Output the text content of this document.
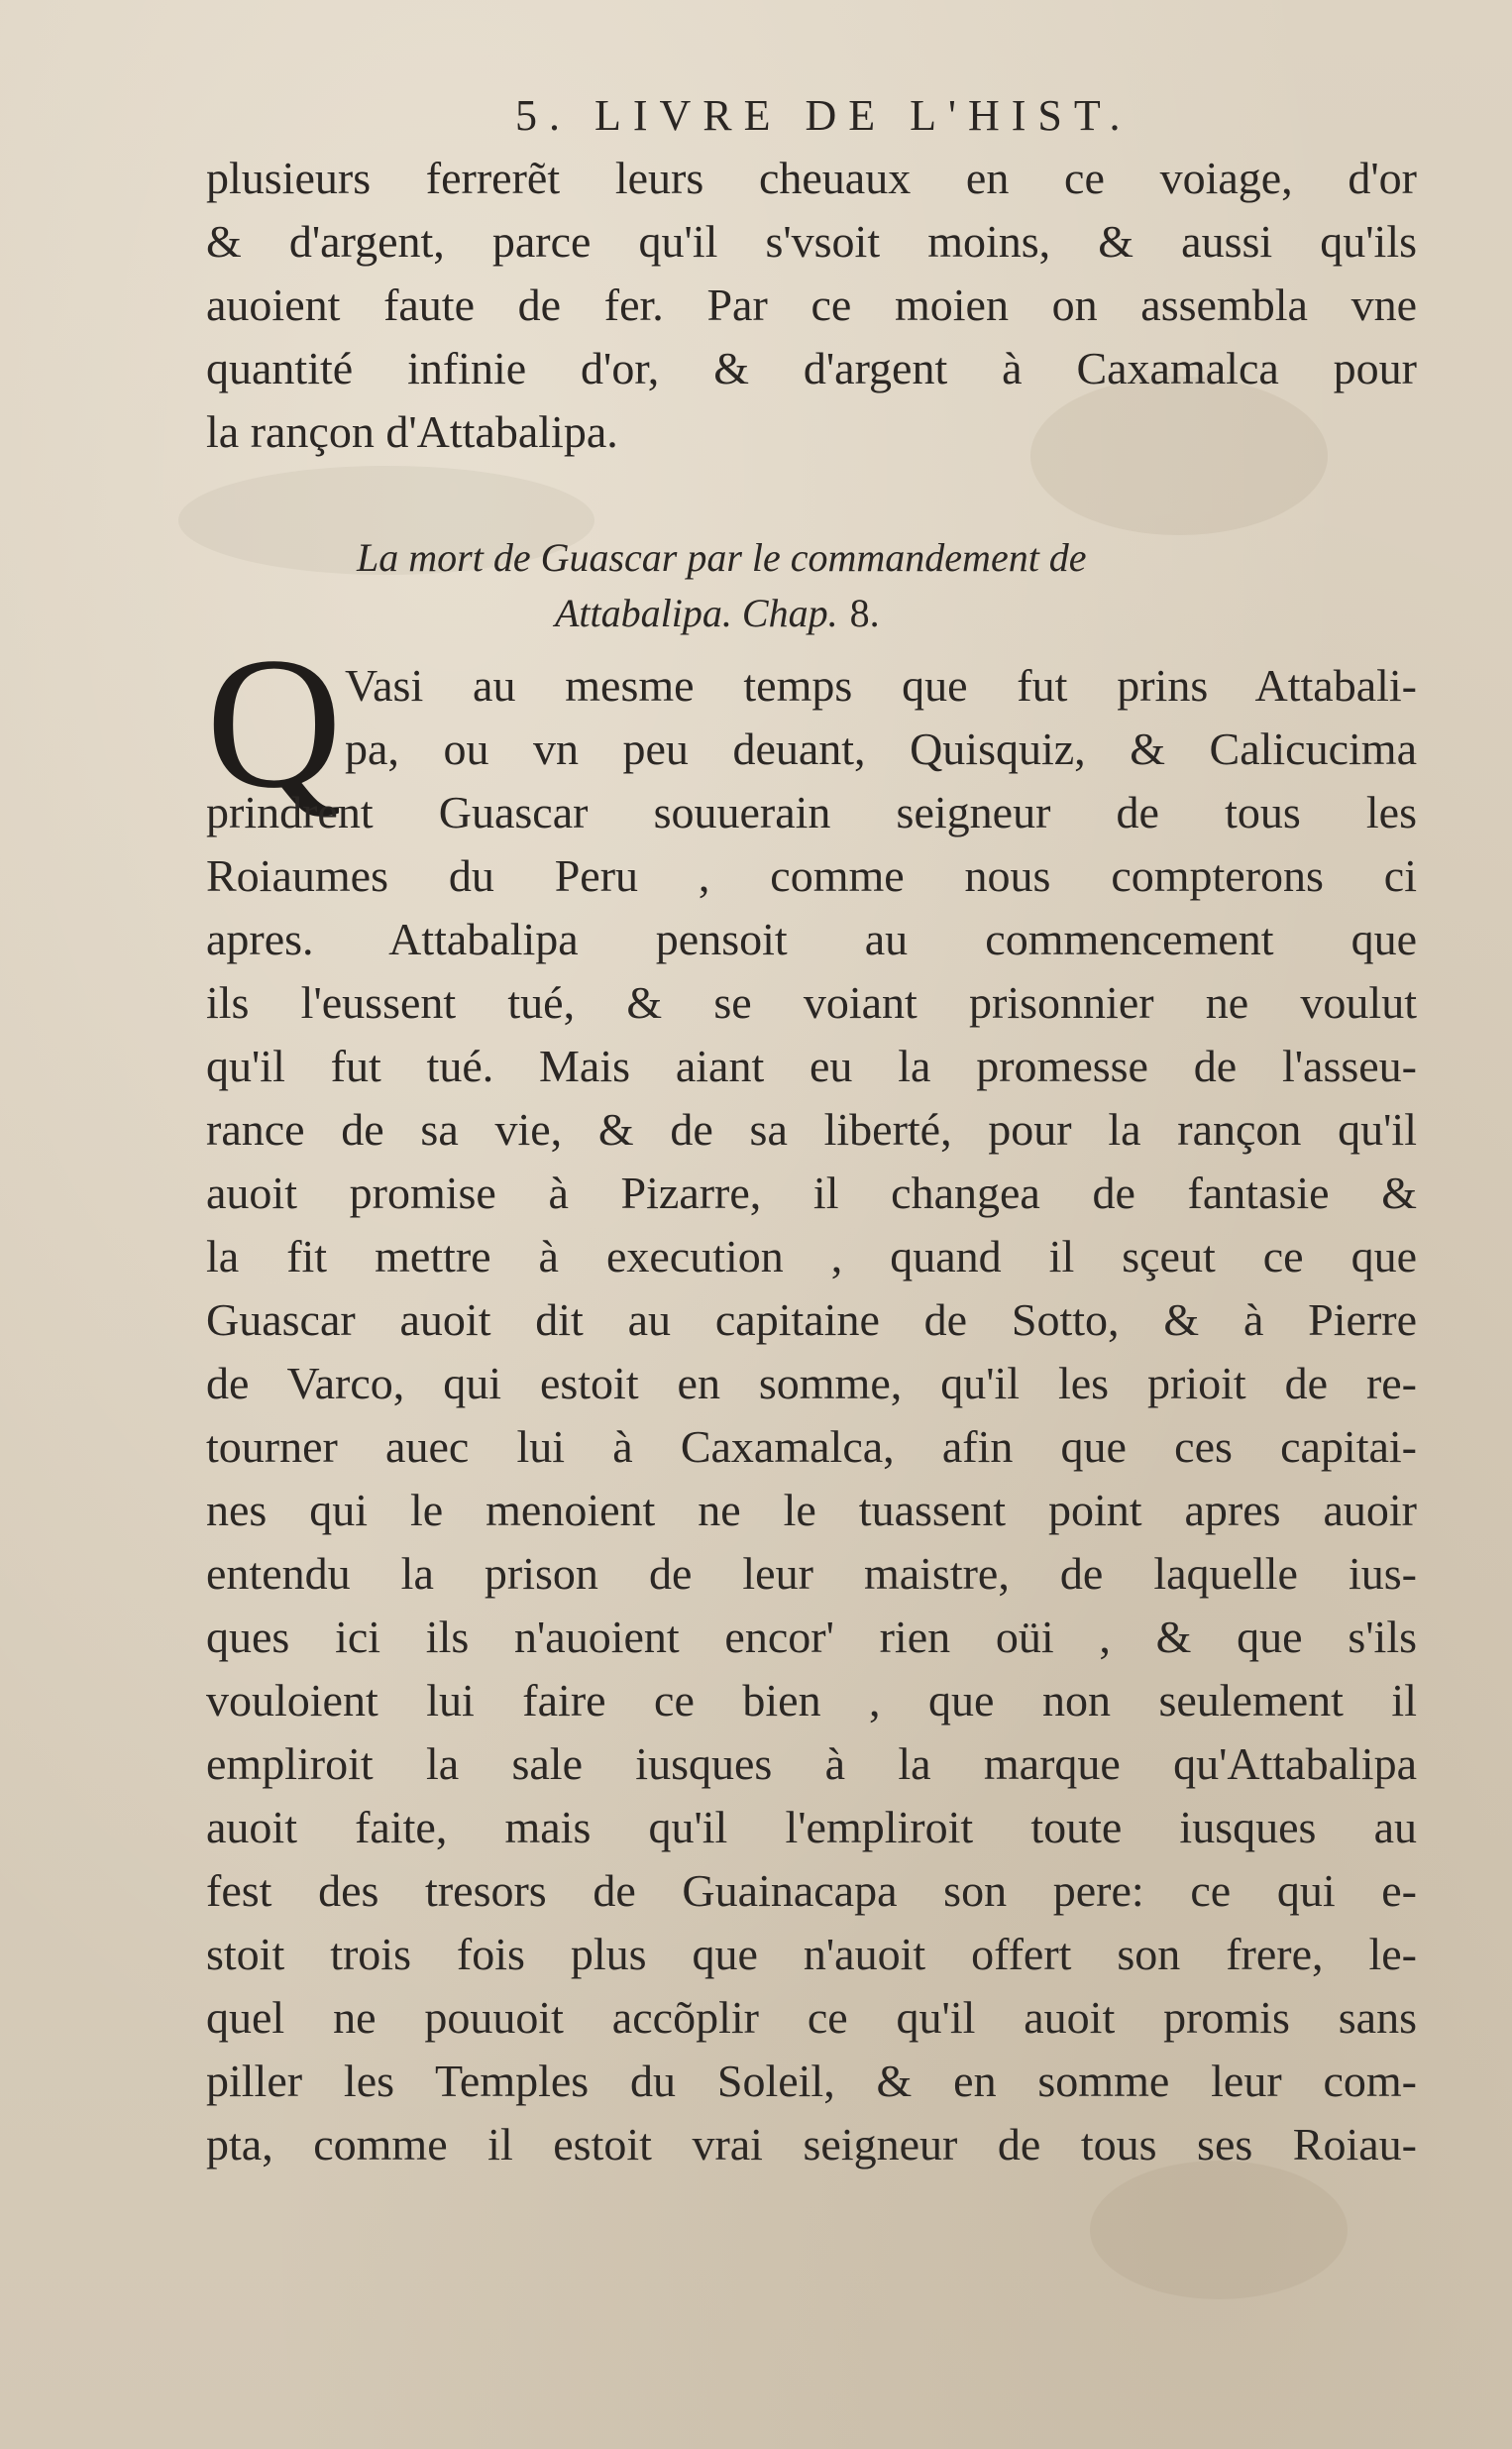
5. LIVRE DE L'HIST.
plusieurs ferrerẽt leurs cheuaux en ce voiage, d'or
& d'argent, parce qu'il s'vsoit moins, & aussi qu'ils
auoient faute de fer. Par ce moien on assembla vne
quantité infinie d'or, & d'argent à Caxamalca pour
la rançon d'Attabalipa.
La mort de Guascar par le commandement de
Attabalipa. Chap. 8.
Q Vasi au mesme temps que fut prins Attabali-
pa, ou vn peu deuant, Quisquiz, & Calicucima
prindrent Guascar souuerain seigneur de tous les
Roiaumes du Peru , comme nous compterons ci
apres. Attabalipa pensoit au commencement que
ils l'eussent tué, & se voiant prisonnier ne voulut
qu'il fut tué. Mais aiant eu la promesse de l'asseu-
rance de sa vie, & de sa liberté, pour la rançon qu'il
auoit promise à Pizarre, il changea de fantasie &
la fit mettre à execution , quand il sçeut ce que
Guascar auoit dit au capitaine de Sotto, & à Pierre
de Varco, qui estoit en somme, qu'il les prioit de re-
tourner auec lui à Caxamalca, afin que ces capitai-
nes qui le menoient ne le tuassent point apres auoir
entendu la prison de leur maistre, de laquelle ius-
ques ici ils n'auoient encor' rien oüi , & que s'ils
vouloient lui faire ce bien , que non seulement il
empliroit la sale iusques à la marque qu'Attabalipa
auoit faite, mais qu'il l'empliroit toute iusques au
fest des tresors de Guainacapa son pere: ce qui e-
stoit trois fois plus que n'auoit offert son frere, le-
quel ne pouuoit accõplir ce qu'il auoit promis sans
piller les Temples du Soleil, & en somme leur com-
pta, comme il estoit vrai seigneur de tous ses Roiau-
